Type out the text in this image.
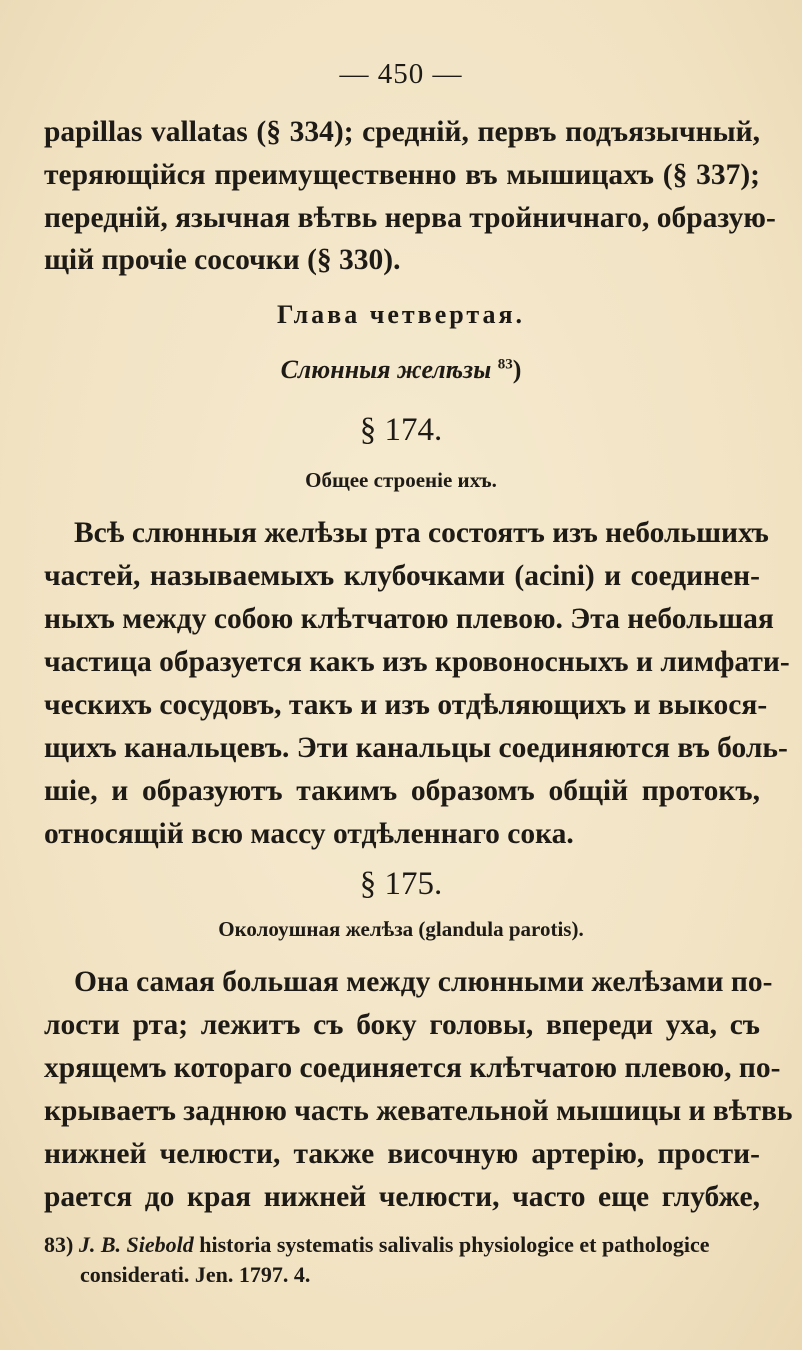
— 450 —
papillas vallatas (§ 334); среднiй, первъ подъязычный,
теряющiйся преимущественно въ мышицахъ (§ 337);
переднiй, язычная вѣтвь нерва тройничнаго, образую-
щiй прочiе сосочки (§ 330).
Глава четвертая.
Слюнныя желѣзы $^{83}$)
§ 174.
Общее строенiе ихъ.
Всѣ слюнныя желѣзы рта состоятъ изъ небольшихъ
частей, называемыхъ клубочками (acini) и соединен-
ныхъ между собою клѣтчатою плевою. Эта небольшая
частица образуется какъ изъ кровоносныхъ и лимфати-
ческихъ сосудовъ, такъ и изъ отдѣляющихъ и выкося-
щихъ канальцевъ. Эти канальцы соединяются въ боль-
шiе, и образуютъ такимъ образомъ общiй протокъ,
относящiй всю массу отдѣленнаго сока.
§ 175.
Околоушная желѣза (glandula parotis).
Она самая большая между слюнными желѣзами по-
лости рта; лежитъ съ боку головы, впереди уха, съ
хрящемъ котораго соединяется клѣтчатою плевою, по-
крываетъ заднюю часть жевательной мышицы и вѣтвь
нижней челюсти, также височную артерiю, прости-
рается до края нижней челюсти, часто еще глубже,
83) J. B. Siebold historia systematis salivalis physiologice et pathologice
considerati. Jen. 1797. 4.
